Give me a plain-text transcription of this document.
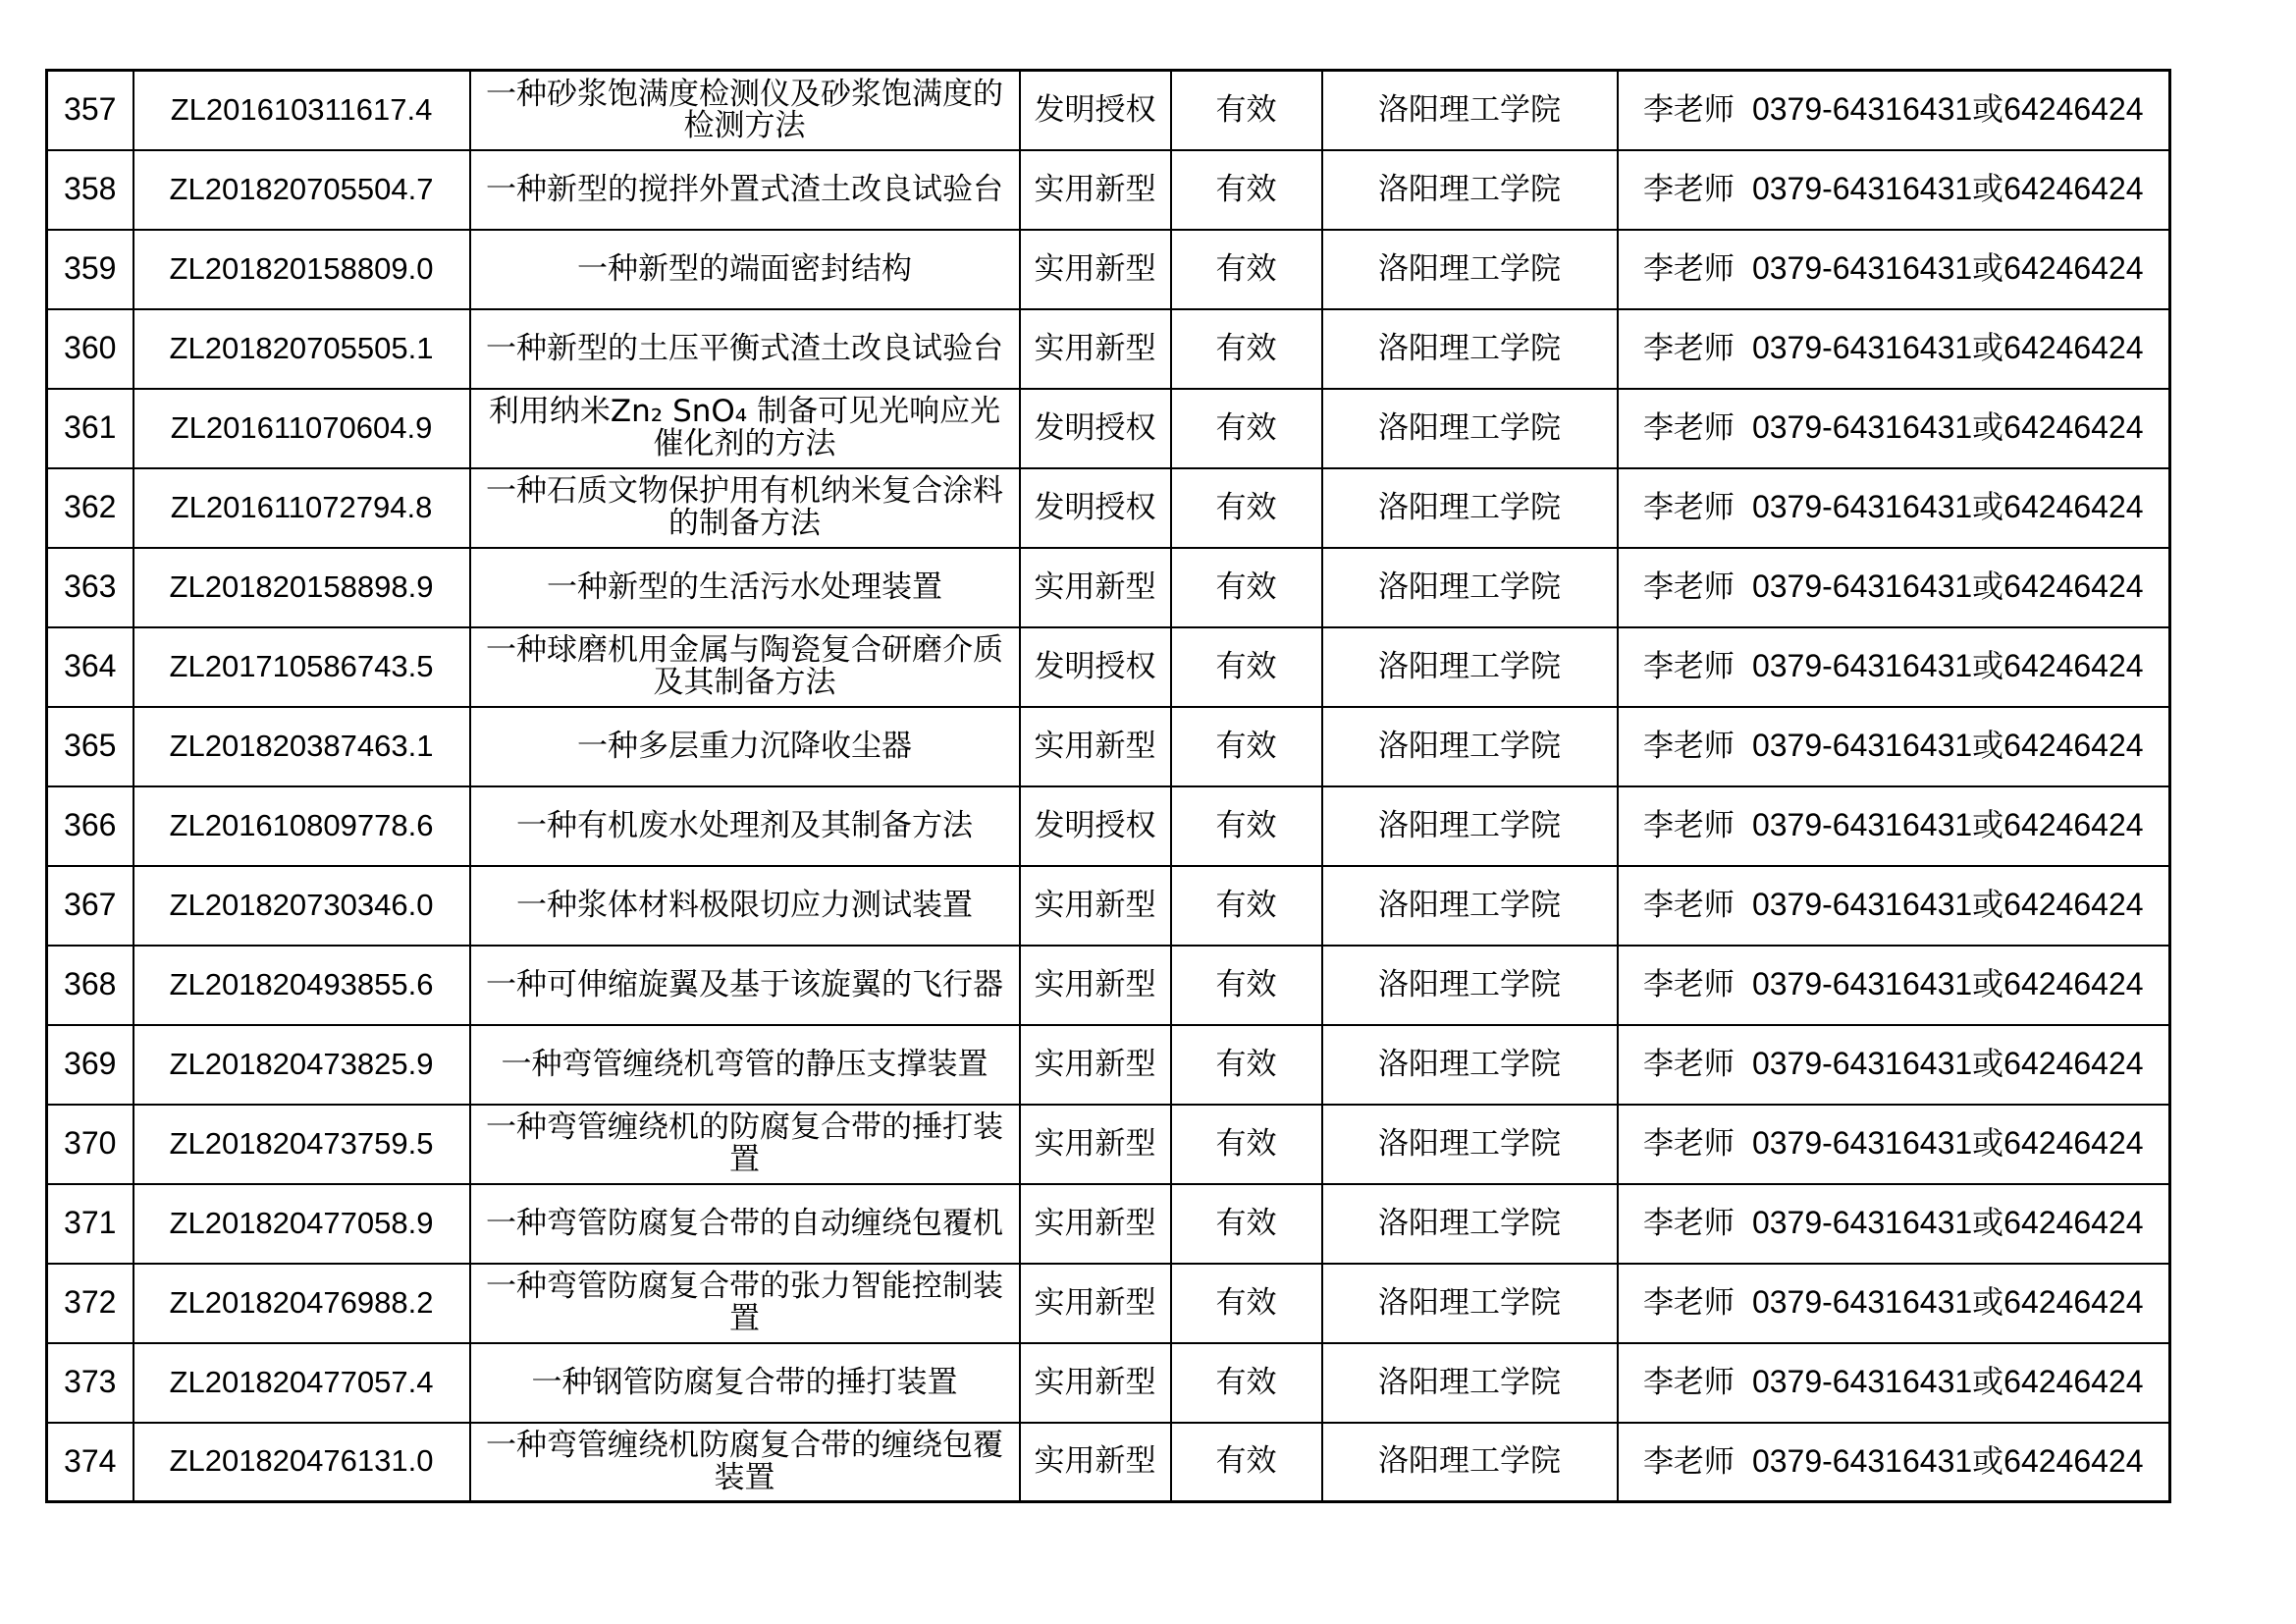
357	ZL201610311617.4	一种砂浆饱满度检测仪及砂浆饱满度的检测方法	发明授权	有效	洛阳理工学院	李老师 0379-64316431或64246424
358	ZL201820705504.7	一种新型的搅拌外置式渣土改良试验台	实用新型	有效	洛阳理工学院	李老师 0379-64316431或64246424
359	ZL201820158809.0	一种新型的端面密封结构	实用新型	有效	洛阳理工学院	李老师 0379-64316431或64246424
360	ZL201820705505.1	一种新型的土压平衡式渣土改良试验台	实用新型	有效	洛阳理工学院	李老师 0379-64316431或64246424
361	ZL201611070604.9	利用纳米Zn₂ SnO₄ 制备可见光响应光催化剂的方法	发明授权	有效	洛阳理工学院	李老师 0379-64316431或64246424
362	ZL201611072794.8	一种石质文物保护用有机纳米复合涂料的制备方法	发明授权	有效	洛阳理工学院	李老师 0379-64316431或64246424
363	ZL201820158898.9	一种新型的生活污水处理装置	实用新型	有效	洛阳理工学院	李老师 0379-64316431或64246424
364	ZL201710586743.5	一种球磨机用金属与陶瓷复合研磨介质及其制备方法	发明授权	有效	洛阳理工学院	李老师 0379-64316431或64246424
365	ZL201820387463.1	一种多层重力沉降收尘器	实用新型	有效	洛阳理工学院	李老师 0379-64316431或64246424
366	ZL201610809778.6	一种有机废水处理剂及其制备方法	发明授权	有效	洛阳理工学院	李老师 0379-64316431或64246424
367	ZL201820730346.0	一种浆体材料极限切应力测试装置	实用新型	有效	洛阳理工学院	李老师 0379-64316431或64246424
368	ZL201820493855.6	一种可伸缩旋翼及基于该旋翼的飞行器	实用新型	有效	洛阳理工学院	李老师 0379-64316431或64246424
369	ZL201820473825.9	一种弯管缠绕机弯管的静压支撑装置	实用新型	有效	洛阳理工学院	李老师 0379-64316431或64246424
370	ZL201820473759.5	一种弯管缠绕机的防腐复合带的捶打装置	实用新型	有效	洛阳理工学院	李老师 0379-64316431或64246424
371	ZL201820477058.9	一种弯管防腐复合带的自动缠绕包覆机	实用新型	有效	洛阳理工学院	李老师 0379-64316431或64246424
372	ZL201820476988.2	一种弯管防腐复合带的张力智能控制装置	实用新型	有效	洛阳理工学院	李老师 0379-64316431或64246424
373	ZL201820477057.4	一种钢管防腐复合带的捶打装置	实用新型	有效	洛阳理工学院	李老师 0379-64316431或64246424
374	ZL201820476131.0	一种弯管缠绕机防腐复合带的缠绕包覆装置	实用新型	有效	洛阳理工学院	李老师 0379-64316431或64246424
